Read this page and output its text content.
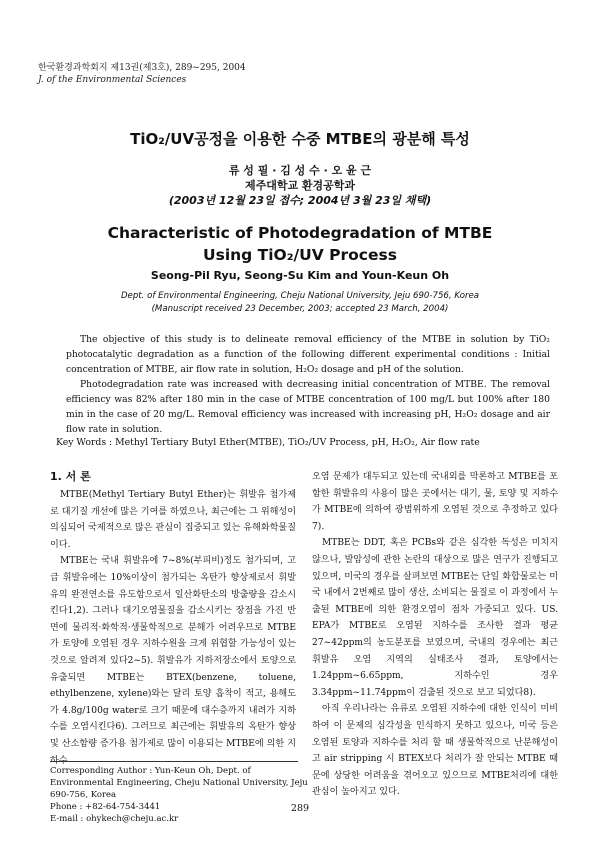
한국환경과학회지 제13권(제3호), 289~295, 2004
J. of the Environmental Sciences
TiO₂/UV공정을 이용한 수중 MTBE의 광분해 특성
류 성 필 · 김 성 수 · 오 윤 근
제주대학교 환경공학과
(2003년 12월 23일 접수; 2004년 3월 23일 채택)
Characteristic of Photodegradation of MTBE
Using TiO₂/UV Process
Seong-Pil Ryu, Seong-Su Kim and Youn-Keun Oh
Dept. of Environmental Engineering, Cheju National University, Jeju 690-756, Korea
(Manuscript received 23 December, 2003; accepted 23 March, 2004)

The objective of this study is to delineate removal efficiency of the MTBE in solution by TiO₂ photocatalytic degradation as a function of the following different experimental conditions : Initial concentration of MTBE, air flow rate in solution, H₂O₂ dosage and pH of the solution.

Photodegradation rate was increased with decreasing initial concentration of MTBE. The removal efficiency was 82% after 180 min in the case of MTBE concentration of 100 mg/L but 100% after 180 min in the case of 20 mg/L. Removal efficiency was increased with increasing pH, H₂O₂ dosage and air flow rate in solution.

Key Words : Methyl Tertiary Butyl Ether(MTBE), TiO₂/UV Process, pH, H₂O₂, Air flow rate
1. 서 론

MTBE(Methyl Tertiary Butyl Ether)는 휘발유 첨가제로 대기질 개선에 많은 기여를 하였으나, 최근에는 그 위해성이 의심되어 국제적으로 많은 관심이 집중되고 있는 유해화학물질이다.

MTBE는 국내 휘발유에 7~8%(부피비)정도 첨가되며, 고급 휘발유에는 10%이상이 첨가되는 옥탄가 향상제로서 휘발유의 완전연소를 유도함으로서 일산화탄소의 방출량을 감소시킨다1,2). 그러나 대기오염물질을 감소시키는 장점을 가진 반면에 물리적·화학적·생물학적으로 분해가 어려우므로 MTBE가 토양에 오염된 경우 지하수원을 크게 위협할 가능성이 있는 것으로 알려져 있다2~5). 휘발유가 지하저장소에서 토양으로 유출되면 MTBE는 BTEX(benzene, toluene, ethylbenzene, xylene)와는 달리 토양 흡착이 적고, 용해도가 4.8g/100g water로 크기 때문에 대수층까지 내려가 지하수를 오염시킨다6). 그러므로 최근에는 휘발유의 옥탄가 향상 및 산소함량 증가용 첨가제로 많이 이용되는 MTBE에 의한 지하수

오염 문제가 대두되고 있는데 국내외를 막론하고 MTBE를 포함한 휘발유의 사용이 많은 곳에서는 대기, 물, 토양 및 지하수가 MTBE에 의하여 광범위하게 오염된 것으로 추정하고 있다7).

MTBE는 DDT, 혹은 PCBs와 같은 심각한 독성은 미치지 않으나, 발암성에 관한 논란의 대상으로 많은 연구가 진행되고 있으며, 미국의 경우를 살펴보면 MTBE는 단일 화합물로는 미국 내에서 2번째로 많이 생산, 소비되는 물질로 이 과정에서 누출된 MTBE에 의한 환경오염이 점차 가중되고 있다. US. EPA가 MTBE로 오염된 지하수를 조사한 결과 평균 27~42ppm의 농도분포를 보였으며, 국내의 경우에는 최근 휘발유 오염 지역의 실태조사 결과, 토양에서는 1.24ppm~6.65ppm, 지하수인 경우 3.34ppm~11.74ppm이 검출된 것으로 보고 되었다8).

아직 우리나라는 유류로 오염된 지하수에 대한 인식이 미비하여 이 문제의 심각성을 인식하지 못하고 있으나, 미국 등은 오염된 토양과 지하수를 처리 할 때 생물학적으로 난분해성이고 air stripping 시 BTEX보다 처리가 잘 안되는 MTBE 때문에 상당한 어려움을 겪어오고 있으므로 MTBE처리에 대한 관심이 높아지고 있다.

Corresponding Author : Yun-Keun Oh, Dept. of Environmental Engineering, Cheju National University, Jeju 690-756, Korea
Phone : +82-64-754-3441
E-mail : ohykech@cheju.ac.kr
289
